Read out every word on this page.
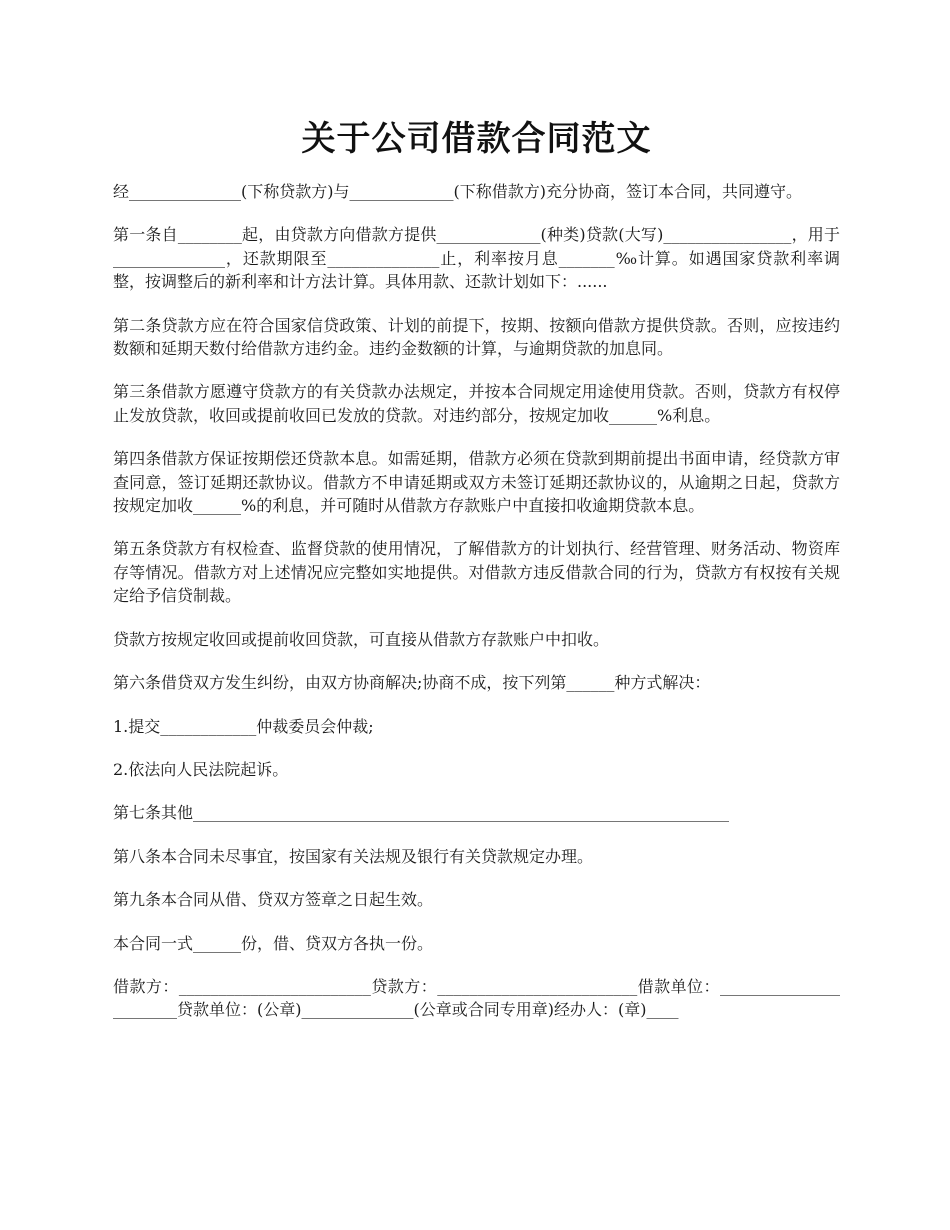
关于公司借款合同范文

经______________(下称贷款方)与_____________(下称借款方)充分协商，签订本合同，共同遵守。

第一条自________起，由贷款方向借款方提供_____________(种类)贷款(大写)________________，用于______________，还款期限至______________止，利率按月息_______‰计算。如遇国家贷款利率调整，按调整后的新利率和计方法计算。具体用款、还款计划如下：......

第二条贷款方应在符合国家信贷政策、计划的前提下，按期、按额向借款方提供贷款。否则，应按违约数额和延期天数付给借款方违约金。违约金数额的计算，与逾期贷款的加息同。

第三条借款方愿遵守贷款方的有关贷款办法规定，并按本合同规定用途使用贷款。否则，贷款方有权停止发放贷款，收回或提前收回已发放的贷款。对违约部分，按规定加收______%利息。

第四条借款方保证按期偿还贷款本息。如需延期，借款方必须在贷款到期前提出书面申请，经贷款方审查同意，签订延期还款协议。借款方不申请延期或双方未签订延期还款协议的，从逾期之日起，贷款方按规定加收______%的利息，并可随时从借款方存款账户中直接扣收逾期贷款本息。

第五条贷款方有权检查、监督贷款的使用情况，了解借款方的计划执行、经营管理、财务活动、物资库存等情况。借款方对上述情况应完整如实地提供。对借款方违反借款合同的行为，贷款方有权按有关规定给予信贷制裁。

贷款方按规定收回或提前收回贷款，可直接从借款方存款账户中扣收。

第六条借贷双方发生纠纷，由双方协商解决;协商不成，按下列第______种方式解决：

1.提交____________仲裁委员会仲裁;

2.依法向人民法院起诉。

第七条其他___________________________________________________________________

第八条本合同未尽事宜，按国家有关法规及银行有关贷款规定办理。

第九条本合同从借、贷双方签章之日起生效。

本合同一式______份，借、贷双方各执一份。

借款方：________________________贷款方：_________________________借款单位：_______________________贷款单位：(公章)______________(公章或合同专用章)经办人：(章)____
